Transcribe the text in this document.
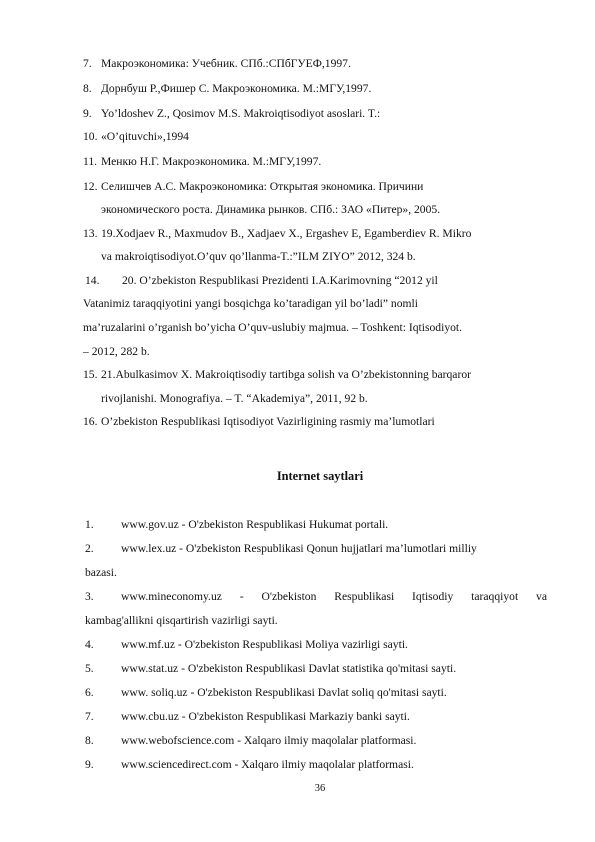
7. Макроэкономика: Учебник. СПб.:СПбГУЕФ,1997.
8. Дорнбуш Р.,Фишер С. Макроэкономика. М.:МГУ,1997.
9. Yo’ldoshev Z., Qosimov M.S. Makroiqtisodiyot asoslari. T.:
10. «O’qituvchi»,1994
11. Менкю Н.Г. Макроэкономика. М.:МГУ,1997.
12. Селишчев А.С. Макроэкономика: Открытая экономика. Причини
экономического роста. Динамика рынков. СПб.: ЗАО «Питер», 2005.
13. 19.Xodjaev R., Maxmudov B., Xadjaev X., Ergashev E, Egamberdiev R. Mikro
va makroiqtisodiyot.O’quv qo’llanma-T.:”ILM ZIYO” 2012, 324 b.
14. 20. O’zbekiston Respublikasi Prezidenti I.A.Karimovning “2012 yil
Vatanimiz taraqqiyotini yangi bosqichga ko’taradigan yil bo’ladi” nomli
ma’ruzalarini o’rganish bo’yicha O’quv-uslubiy majmua. – Toshkent: Iqtisodiyot.
– 2012, 282 b.
15. 21.Abulkasimov X. Makroiqtisodiy tartibga solish va O’zbekistonning barqaror
rivojlanishi. Monografiya. – T. “Akademiya”, 2011, 92 b.
16. O’zbekiston Respublikasi Iqtisodiyot Vazirligining rasmiy ma’lumotlari
Internet saytlari
1. www.gov.uz - O'zbekiston Respublikasi Hukumat portali.
2. www.lex.uz - O'zbekiston Respublikasi Qonun hujjatlari ma’lumotlari milliy
bazasi.
3. www.mineconomy.uz - O'zbekiston Respublikasi Iqtisodiy taraqqiyot va
kambag'allikni qisqartirish vazirligi sayti.
4. www.mf.uz - O'zbekiston Respublikasi Moliya vazirligi sayti.
5. www.stat.uz - O'zbekiston Respublikasi Davlat statistika qo'mitasi sayti.
6. www. soliq.uz - O'zbekiston Respublikasi Davlat soliq qo'mitasi sayti.
7. www.cbu.uz - O'zbekiston Respublikasi Markaziy banki sayti.
8. www.webofscience.com - Xalqaro ilmiy maqolalar platformasi.
9. www.sciencedirect.com - Xalqaro ilmiy maqolalar platformasi.
36
